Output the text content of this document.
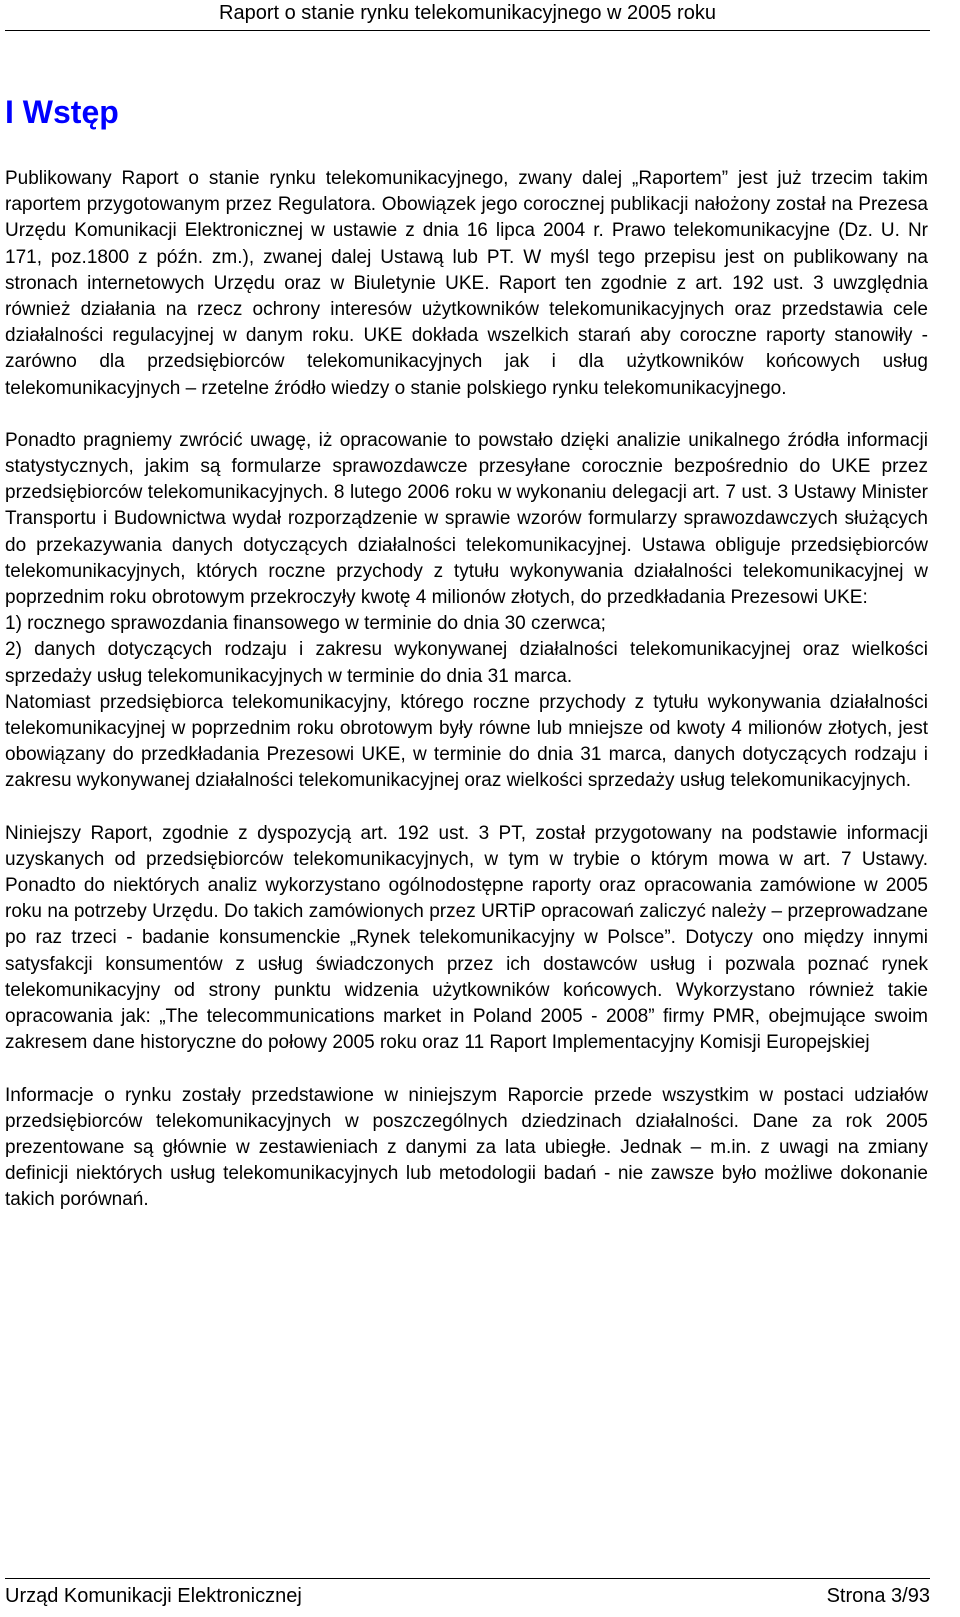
Raport o stanie rynku telekomunikacyjnego w 2005 roku
I Wstęp

Publikowany Raport o stanie rynku telekomunikacyjnego, zwany dalej „Raportem” jest już trzecim takim raportem przygotowanym przez Regulatora. Obowiązek jego corocznej publikacji nałożony został na Prezesa Urzędu Komunikacji Elektronicznej w ustawie z dnia 16 lipca 2004 r. Prawo telekomunikacyjne (Dz. U. Nr 171, poz.1800 z późn. zm.), zwanej dalej Ustawą lub PT. W myśl tego przepisu jest on publikowany na stronach internetowych Urzędu oraz w Biuletynie UKE. Raport ten zgodnie z art. 192 ust. 3 uwzględnia również działania na rzecz ochrony interesów użytkowników telekomunikacyjnych oraz przedstawia cele działalności regulacyjnej w danym roku. UKE dokłada wszelkich starań aby coroczne raporty stanowiły - zarówno dla przedsiębiorców telekomunikacyjnych jak i dla użytkowników końcowych usług telekomunikacyjnych – rzetelne źródło wiedzy o stanie polskiego rynku telekomunikacyjnego.

Ponadto pragniemy zwrócić uwagę, iż opracowanie to powstało dzięki analizie unikalnego źródła informacji statystycznych, jakim są formularze sprawozdawcze przesyłane corocznie bezpośrednio do UKE przez przedsiębiorców telekomunikacyjnych. 8 lutego 2006 roku w wykonaniu delegacji art. 7 ust. 3 Ustawy Minister Transportu i Budownictwa wydał rozporządzenie w sprawie wzorów formularzy sprawozdawczych służących do przekazywania danych dotyczących działalności telekomunikacyjnej. Ustawa obliguje przedsiębiorców telekomunikacyjnych, których roczne przychody z tytułu wykonywania działalności telekomunikacyjnej w poprzednim roku obrotowym przekroczyły kwotę 4 milionów złotych, do przedkładania Prezesowi UKE:

1) rocznego sprawozdania finansowego w terminie do dnia 30 czerwca;

2) danych dotyczących rodzaju i zakresu wykonywanej działalności telekomunikacyjnej oraz wielkości sprzedaży usług telekomunikacyjnych w terminie do dnia 31 marca.

Natomiast przedsiębiorca telekomunikacyjny, którego roczne przychody z tytułu wykonywania działalności telekomunikacyjnej w poprzednim roku obrotowym były równe lub mniejsze od kwoty 4 milionów złotych, jest obowiązany do przedkładania Prezesowi UKE, w terminie do dnia 31 marca, danych dotyczących rodzaju i zakresu wykonywanej działalności telekomunikacyjnej oraz wielkości sprzedaży usług telekomunikacyjnych.

Niniejszy Raport, zgodnie z dyspozycją art. 192 ust. 3 PT, został przygotowany na podstawie informacji uzyskanych od przedsiębiorców telekomunikacyjnych, w tym w trybie o którym mowa w art. 7 Ustawy. Ponadto do niektórych analiz wykorzystano ogólnodostępne raporty oraz opracowania zamówione w 2005 roku na potrzeby Urzędu. Do takich zamówionych przez URTiP opracowań zaliczyć należy – przeprowadzane po raz trzeci - badanie konsumenckie „Rynek telekomunikacyjny w Polsce”. Dotyczy ono między innymi satysfakcji konsumentów z usług świadczonych przez ich dostawców usług i pozwala poznać rynek telekomunikacyjny od strony punktu widzenia użytkowników końcowych. Wykorzystano również takie opracowania jak: „The telecommunications market in Poland 2005 - 2008” firmy PMR, obejmujące swoim zakresem dane historyczne do połowy 2005 roku oraz 11 Raport Implementacyjny Komisji Europejskiej

Informacje o rynku zostały przedstawione w niniejszym Raporcie przede wszystkim w postaci udziałów przedsiębiorców telekomunikacyjnych w poszczególnych dziedzinach działalności. Dane za rok 2005 prezentowane są głównie w zestawieniach z danymi za lata ubiegłe. Jednak – m.in. z uwagi na zmiany definicji niektórych usług telekomunikacyjnych lub metodologii badań - nie zawsze było możliwe dokonanie takich porównań.

Urząd Komunikacji Elektronicznej	Strona 3/93
